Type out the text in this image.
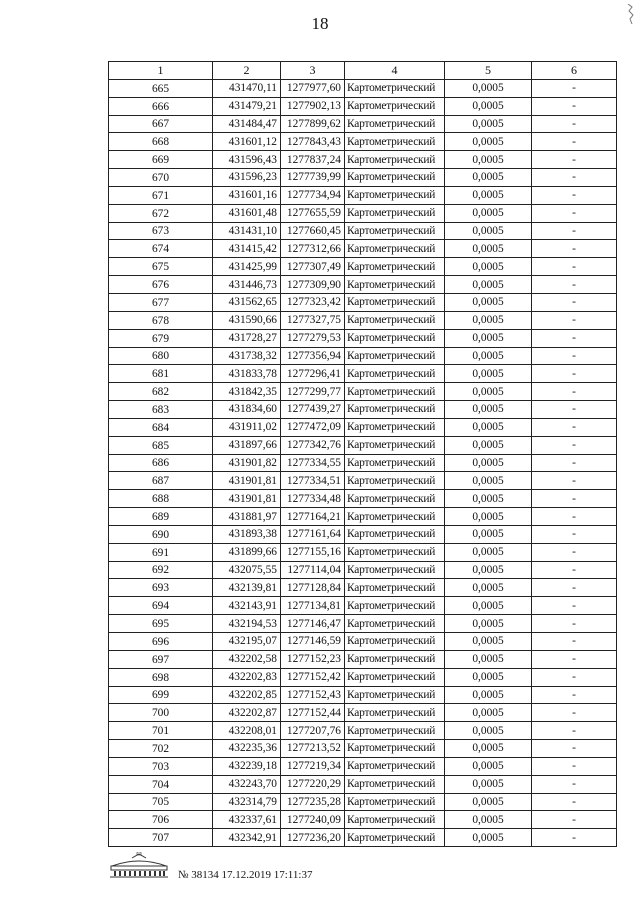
18
1	2	3	4	5	6
665	431470,11	1277977,60	Картометрический	0,0005	-
666	431479,21	1277902,13	Картометрический	0,0005	-
667	431484,47	1277899,62	Картометрический	0,0005	-
668	431601,12	1277843,43	Картометрический	0,0005	-
669	431596,43	1277837,24	Картометрический	0,0005	-
670	431596,23	1277739,99	Картометрический	0,0005	-
671	431601,16	1277734,94	Картометрический	0,0005	-
672	431601,48	1277655,59	Картометрический	0,0005	-
673	431431,10	1277660,45	Картометрический	0,0005	-
674	431415,42	1277312,66	Картометрический	0,0005	-
675	431425,99	1277307,49	Картометрический	0,0005	-
676	431446,73	1277309,90	Картометрический	0,0005	-
677	431562,65	1277323,42	Картометрический	0,0005	-
678	431590,66	1277327,75	Картометрический	0,0005	-
679	431728,27	1277279,53	Картометрический	0,0005	-
680	431738,32	1277356,94	Картометрический	0,0005	-
681	431833,78	1277296,41	Картометрический	0,0005	-
682	431842,35	1277299,77	Картометрический	0,0005	-
683	431834,60	1277439,27	Картометрический	0,0005	-
684	431911,02	1277472,09	Картометрический	0,0005	-
685	431897,66	1277342,76	Картометрический	0,0005	-
686	431901,82	1277334,55	Картометрический	0,0005	-
687	431901,81	1277334,51	Картометрический	0,0005	-
688	431901,81	1277334,48	Картометрический	0,0005	-
689	431881,97	1277164,21	Картометрический	0,0005	-
690	431893,38	1277161,64	Картометрический	0,0005	-
691	431899,66	1277155,16	Картометрический	0,0005	-
692	432075,55	1277114,04	Картометрический	0,0005	-
693	432139,81	1277128,84	Картометрический	0,0005	-
694	432143,91	1277134,81	Картометрический	0,0005	-
695	432194,53	1277146,47	Картометрический	0,0005	-
696	432195,07	1277146,59	Картометрический	0,0005	-
697	432202,58	1277152,23	Картометрический	0,0005	-
698	432202,83	1277152,42	Картометрический	0,0005	-
699	432202,85	1277152,43	Картометрический	0,0005	-
700	432202,87	1277152,44	Картометрический	0,0005	-
701	432208,01	1277207,76	Картометрический	0,0005	-
702	432235,36	1277213,52	Картометрический	0,0005	-
703	432239,18	1277219,34	Картометрический	0,0005	-
704	432243,70	1277220,29	Картометрический	0,0005	-
705	432314,79	1277235,28	Картометрический	0,0005	-
706	432337,61	1277240,09	Картометрический	0,0005	-
707	432342,91	1277236,20	Картометрический	0,0005	-
№ 38134 17.12.2019 17:11:37
